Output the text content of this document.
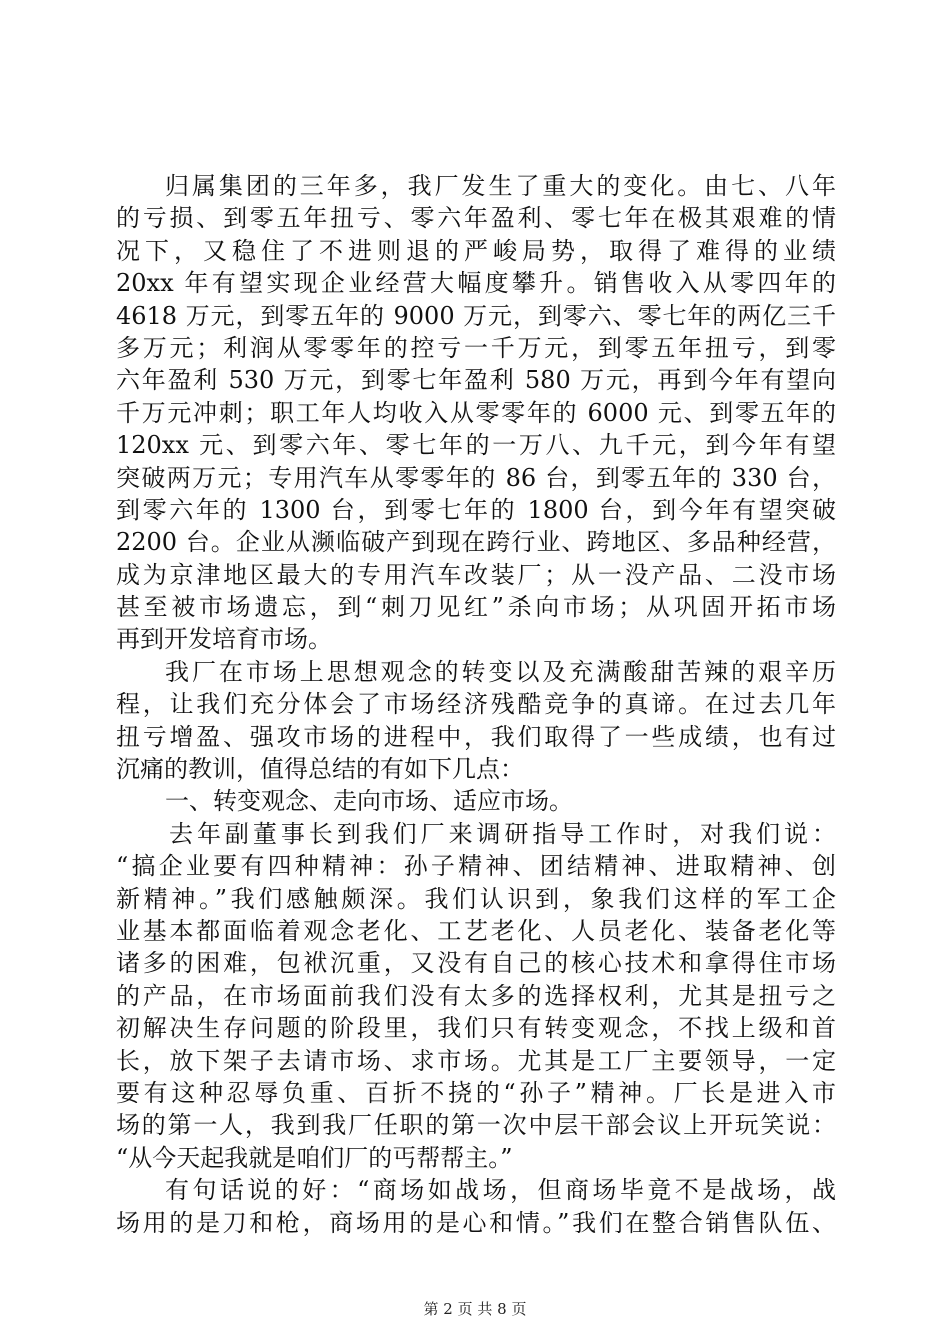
归属集团的三年多，我厂发生了重大的变化。由七、八年
的亏损、到零五年扭亏、零六年盈利、零七年在极其艰难的情
况下，又稳住了不进则退的严峻局势，取得了难得的业绩
20xx 年有望实现企业经营大幅度攀升。销售收入从零四年的
4618 万元，到零五年的 9000 万元，到零六、零七年的两亿三千
多万元；利润从零零年的控亏一千万元，到零五年扭亏，到零
六年盈利 530 万元，到零七年盈利 580 万元，再到今年有望向
千万元冲刺；职工年人均收入从零零年的 6000 元、到零五年的
120xx 元、到零六年、零七年的一万八、九千元，到今年有望
突破两万元；专用汽车从零零年的 86 台，到零五年的 330 台，
到零六年的 1300 台，到零七年的 1800 台，到今年有望突破
2200 台。企业从濒临破产到现在跨行业、跨地区、多品种经营，
成为京津地区最大的专用汽车改装厂；从一没产品、二没市场
甚至被市场遗忘，到“刺刀见红”杀向市场；从巩固开拓市场
再到开发培育市场。
我厂在市场上思想观念的转变以及充满酸甜苦辣的艰辛历
程，让我们充分体会了市场经济残酷竞争的真谛。在过去几年
扭亏增盈、强攻市场的进程中，我们取得了一些成绩，也有过
沉痛的教训，值得总结的有如下几点：
一、转变观念、走向市场、适应市场。
去年副董事长到我们厂来调研指导工作时，对我们说：
“搞企业要有四种精神：孙子精神、团结精神、进取精神、创
新精神。”我们感触颇深。我们认识到，象我们这样的军工企
业基本都面临着观念老化、工艺老化、人员老化、装备老化等
诸多的困难，包袱沉重，又没有自己的核心技术和拿得住市场
的产品，在市场面前我们没有太多的选择权利，尤其是扭亏之
初解决生存问题的阶段里，我们只有转变观念，不找上级和首
长，放下架子去请市场、求市场。尤其是工厂主要领导，一定
要有这种忍辱负重、百折不挠的“孙子”精神。厂长是进入市
场的第一人，我到我厂任职的第一次中层干部会议上开玩笑说：
“从今天起我就是咱们厂的丐帮帮主。”
有句话说的好：“商场如战场，但商场毕竟不是战场，战
场用的是刀和枪，商场用的是心和情。”我们在整合销售队伍、
第 2 页 共 8 页
